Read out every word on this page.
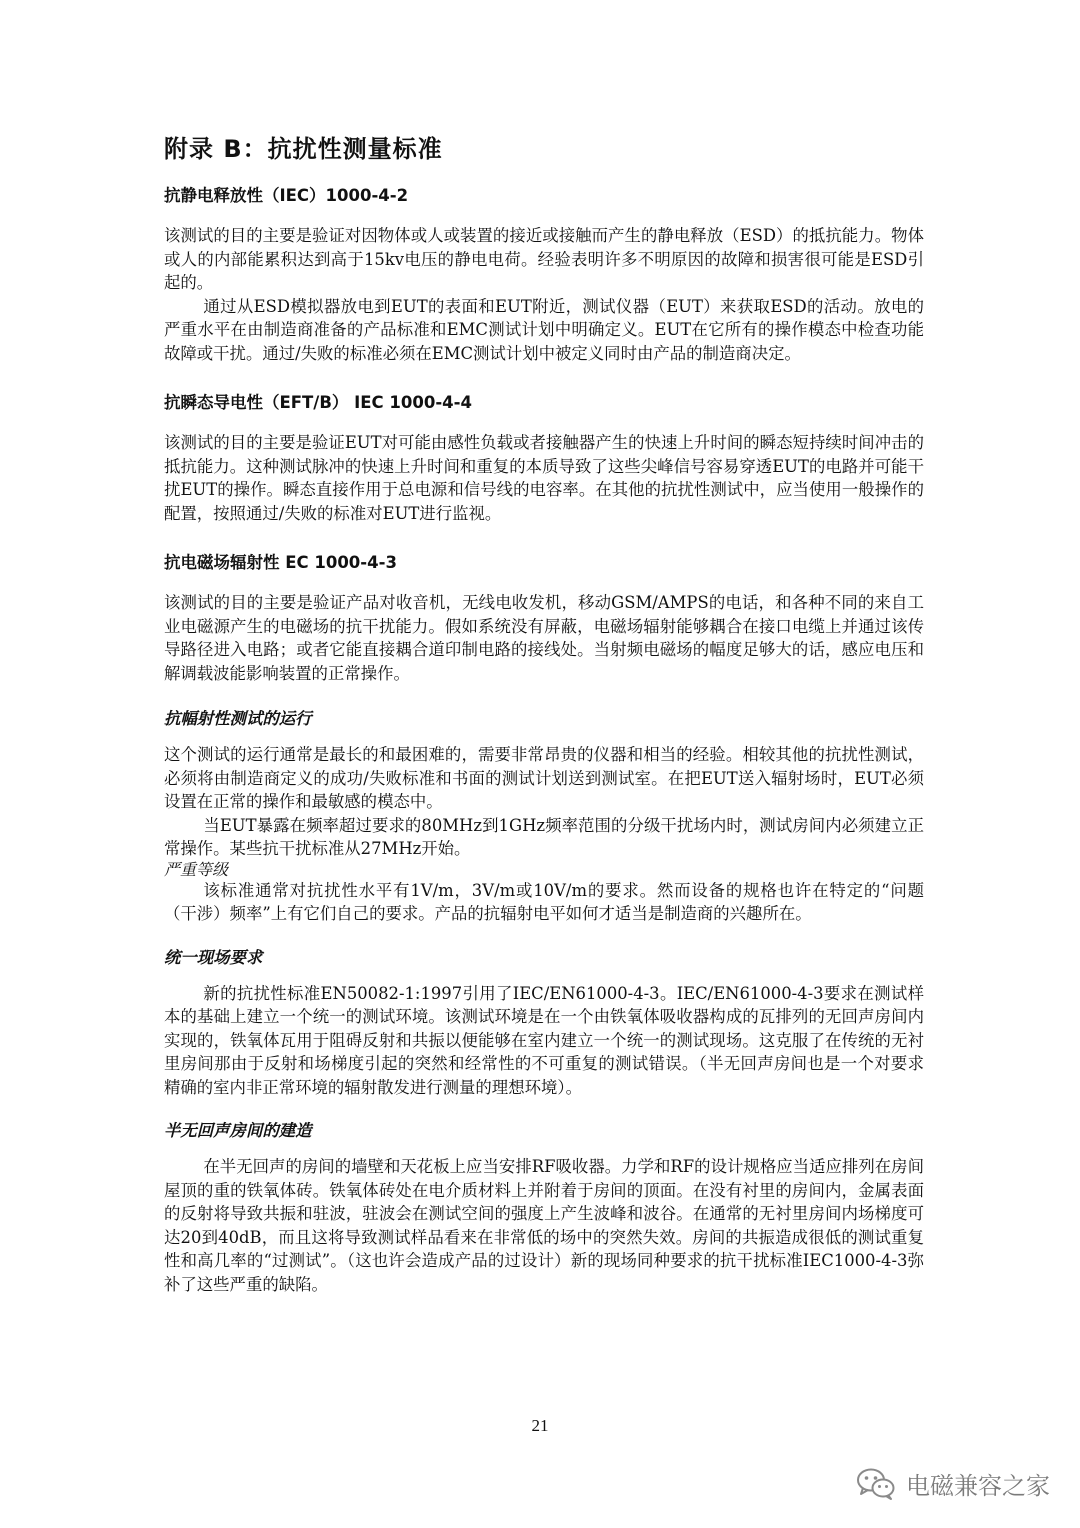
附录 B：抗扰性测量标准
抗静电释放性（IEC）1000-4-2

该测试的目的主要是验证对因物体或人或装置的接近或接触而产生的静电释放（ESD）的抵抗能力。物体或人的内部能累积达到高于15kv电压的静电电荷。经验表明许多不明原因的故障和损害很可能是ESD引起的。

通过从ESD模拟器放电到EUT的表面和EUT附近，测试仪器（EUT）来获取ESD的活动。放电的严重水平在由制造商准备的产品标准和EMC测试计划中明确定义。EUT在它所有的操作模态中检查功能故障或干扰。通过/失败的标准必须在EMC测试计划中被定义同时由产品的制造商决定。

抗瞬态导电性（EFT/B） IEC 1000-4-4

该测试的目的主要是验证EUT对可能由感性负载或者接触器产生的快速上升时间的瞬态短持续时间冲击的抵抗能力。这种测试脉冲的快速上升时间和重复的本质导致了这些尖峰信号容易穿透EUT的电路并可能干扰EUT的操作。瞬态直接作用于总电源和信号线的电容率。在其他的抗扰性测试中，应当使用一般操作的配置，按照通过/失败的标准对EUT进行监视。

抗电磁场辐射性 EC 1000-4-3

该测试的目的主要是验证产品对收音机，无线电收发机，移动GSM/AMPS的电话，和各种不同的来自工业电磁源产生的电磁场的抗干扰能力。假如系统没有屏蔽，电磁场辐射能够耦合在接口电缆上并通过该传导路径进入电路；或者它能直接耦合道印制电路的接线处。当射频电磁场的幅度足够大的话，感应电压和解调载波能影响装置的正常操作。

抗幅射性测试的运行

这个测试的运行通常是最长的和最困难的，需要非常昂贵的仪器和相当的经验。相较其他的抗扰性测试，必须将由制造商定义的成功/失败标准和书面的测试计划送到测试室。在把EUT送入辐射场时，EUT必须设置在正常的操作和最敏感的模态中。

当EUT暴露在频率超过要求的80MHz到1GHz频率范围的分级干扰场内时，测试房间内必须建立正常操作。某些抗干扰标准从27MHz开始。

严重等级

该标准通常对抗扰性水平有1V/m，3V/m或10V/m的要求。然而设备的规格也许在特定的“问题（干涉）频率”上有它们自己的要求。产品的抗辐射电平如何才适当是制造商的兴趣所在。

统一现场要求

新的抗扰性标准EN50082-1:1997引用了IEC/EN61000-4-3。IEC/EN61000-4-3要求在测试样本的基础上建立一个统一的测试环境。该测试环境是在一个由铁氧体吸收器构成的瓦排列的无回声房间内实现的，铁氧体瓦用于阻碍反射和共振以便能够在室内建立一个统一的测试现场。这克服了在传统的无衬里房间那由于反射和场梯度引起的突然和经常性的不可重复的测试错误。（半无回声房间也是一个对要求精确的室内非正常环境的辐射散发进行测量的理想环境）。

半无回声房间的建造

在半无回声的房间的墙壁和天花板上应当安排RF吸收器。力学和RF的设计规格应当适应排列在房间屋顶的重的铁氧体砖。铁氧体砖处在电介质材料上并附着于房间的顶面。在没有衬里的房间内，金属表面的反射将导致共振和驻波，驻波会在测试空间的强度上产生波峰和波谷。在通常的无衬里房间内场梯度可达20到40dB，而且这将导致测试样品看来在非常低的场中的突然失效。房间的共振造成很低的测试重复性和高几率的“过测试”。（这也许会造成产品的过设计）新的现场同种要求的抗干扰标准IEC1000-4-3弥补了这些严重的缺陷。

21
电磁兼容之家
